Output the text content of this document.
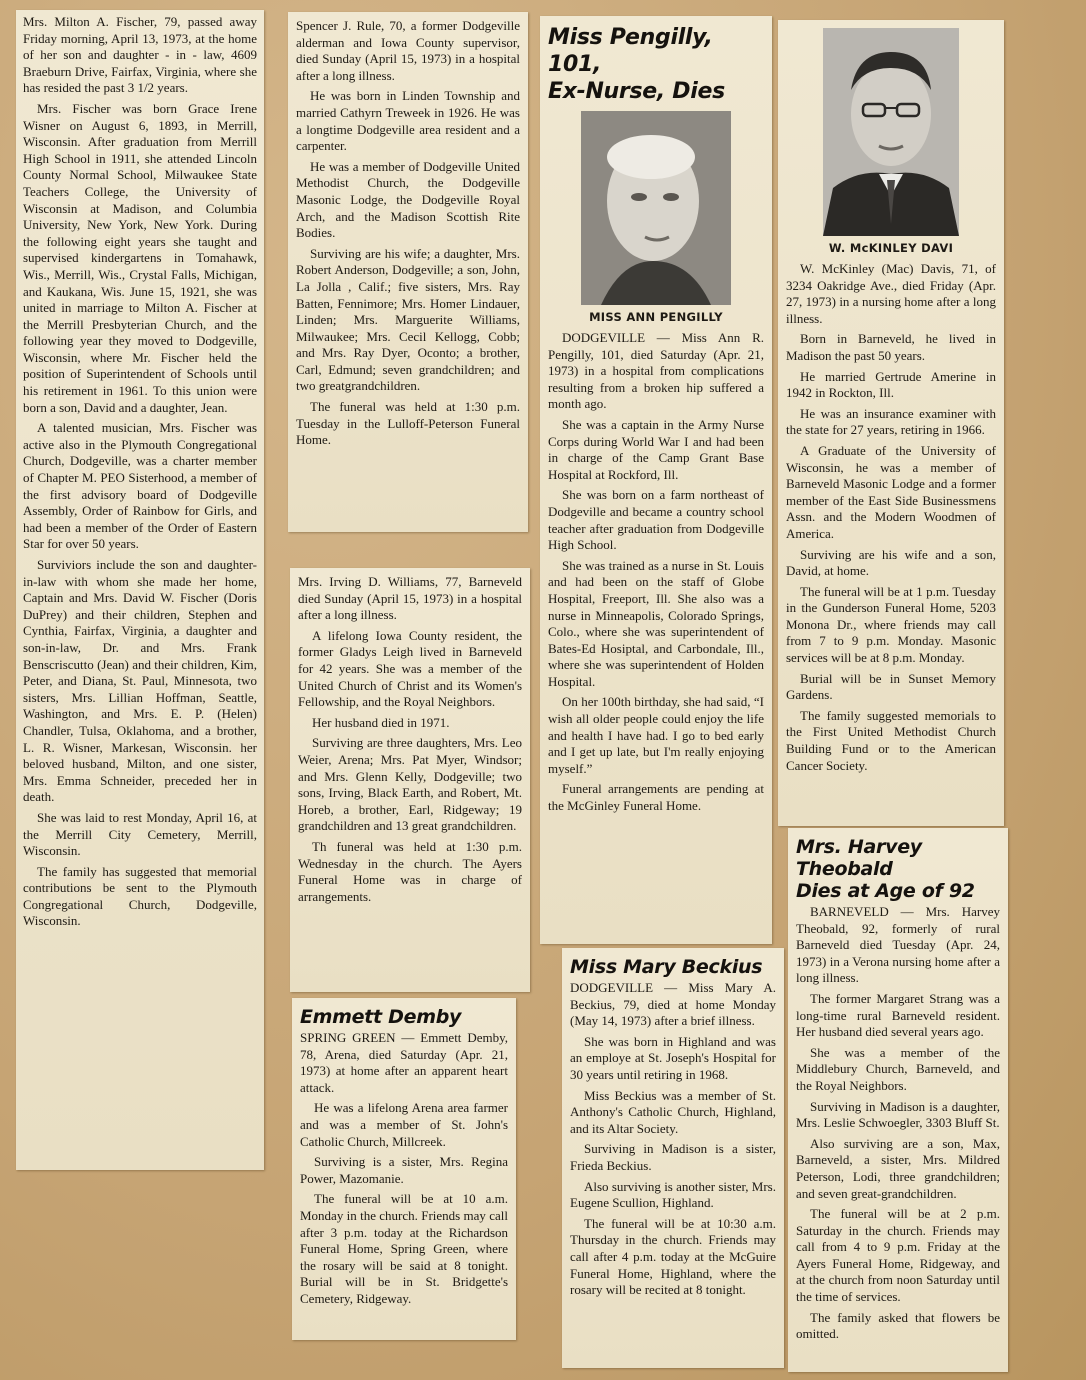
Mrs. Milton A. Fischer, 79, passed away Friday morning, April 13, 1973, at the home of her son and daughter - in - law, 4609 Braeburn Drive, Fairfax, Virginia, where she has resided the past 3 1/2 years.

Mrs. Fischer was born Grace Irene Wisner on August 6, 1893, in Merrill, Wisconsin. After graduation from Merrill High School in 1911, she attended Lincoln County Normal School, Milwaukee State Teachers College, the University of Wisconsin at Madison, and Columbia University, New York, New York. During the following eight years she taught and supervised kindergartens in Tomahawk, Wis., Merrill, Wis., Crystal Falls, Michigan, and Kaukana, Wis. June 15, 1921, she was united in marriage to Milton A. Fischer at the Merrill Presbyterian Church, and the following year they moved to Dodgeville, Wisconsin, where Mr. Fischer held the position of Superintendent of Schools until his retirement in 1961. To this union were born a son, David and a daughter, Jean.

A talented musician, Mrs. Fischer was active also in the Plymouth Congregational Church, Dodgeville, was a charter member of Chapter M. PEO Sisterhood, a member of the first advisory board of Dodgeville Assembly, Order of Rainbow for Girls, and had been a member of the Order of Eastern Star for over 50 years.

Surviviors include the son and daughter-in-law with whom she made her home, Captain and Mrs. David W. Fischer (Doris DuPrey) and their children, Stephen and Cynthia, Fairfax, Virginia, a daughter and son-in-law, Dr. and Mrs. Frank Benscriscutto (Jean) and their children, Kim, Peter, and Diana, St. Paul, Minnesota, two sisters, Mrs. Lillian Hoffman, Seattle, Washington, and Mrs. E. P. (Helen) Chandler, Tulsa, Oklahoma, and a brother, L. R. Wisner, Markesan, Wisconsin. her beloved husband, Milton, and one sister, Mrs. Emma Schneider, preceded her in death.

She was laid to rest Monday, April 16, at the Merrill City Cemetery, Merrill, Wisconsin.

The family has suggested that memorial contributions be sent to the Plymouth Congregational Church, Dodgeville, Wisconsin.

Spencer J. Rule, 70, a former Dodgeville alderman and Iowa County supervisor, died Sunday (April 15, 1973) in a hospital after a long illness.

He was born in Linden Township and married Cathyrn Treweek in 1926. He was a longtime Dodgeville area resident and a carpenter.

He was a member of Dodgeville United Methodist Church, the Dodgeville Masonic Lodge, the Dodgeville Royal Arch, and the Madison Scottish Rite Bodies.

Surviving are his wife; a daughter, Mrs. Robert Anderson, Dodgeville; a son, John, La Jolla , Calif.; five sisters, Mrs. Ray Batten, Fennimore; Mrs. Homer Lindauer, Linden; Mrs. Marguerite Williams, Milwaukee; Mrs. Cecil Kellogg, Cobb; and Mrs. Ray Dyer, Oconto; a brother, Carl, Edmund; seven grandchildren; and two greatgrandchildren.

The funeral was held at 1:30 p.m. Tuesday in the Lulloff-Peterson Funeral Home.

Mrs. Irving D. Williams, 77, Barneveld died Sunday (April 15, 1973) in a hospital after a long illness.

A lifelong Iowa County resident, the former Gladys Leigh lived in Barneveld for 42 years. She was a member of the United Church of Christ and its Women's Fellowship, and the Royal Neighbors.

Her husband died in 1971.

Surviving are three daughters, Mrs. Leo Weier, Arena; Mrs. Pat Myer, Windsor; and Mrs. Glenn Kelly, Dodgeville; two sons, Irving, Black Earth, and Robert, Mt. Horeb, a brother, Earl, Ridgeway; 19 grandchildren and 13 great grandchildren.

Th funeral was held at 1:30 p.m. Wednesday in the church. The Ayers Funeral Home was in charge of arrangements.

Emmett Demby

SPRING GREEN — Emmett Demby, 78, Arena, died Saturday (Apr. 21, 1973) at home after an apparent heart attack.

He was a lifelong Arena area farmer and was a member of St. John's Catholic Church, Millcreek.

Surviving is a sister, Mrs. Regina Power, Mazomanie.

The funeral will be at 10 a.m. Monday in the church. Friends may call after 3 p.m. today at the Richardson Funeral Home, Spring Green, where the rosary will be said at 8 tonight. Burial will be in St. Bridgette's Cemetery, Ridgeway.

Miss Pengilly, 101,
Ex-Nurse, Dies
MISS ANN PENGILLY

DODGEVILLE — Miss Ann R. Pengilly, 101, died Saturday (Apr. 21, 1973) in a hospital from complications resulting from a broken hip suffered a month ago.

She was a captain in the Army Nurse Corps during World War I and had been in charge of the Camp Grant Base Hospital at Rockford, Ill.

She was born on a farm northeast of Dodgeville and became a country school teacher after graduation from Dodgeville High School.

She was trained as a nurse in St. Louis and had been on the staff of Globe Hospital, Freeport, Ill. She also was a nurse in Minneapolis, Colorado Springs, Colo., where she was superintendent of Bates-Ed Hosiptal, and Carbondale, Ill., where she was superintendent of Holden Hospital.

On her 100th birthday, she had said, “I wish all older people could enjoy the life and health I have had. I go to bed early and I get up late, but I'm really enjoying myself.”

Funeral arrangements are pending at the McGinley Funeral Home.

Miss Mary Beckius

DODGEVILLE — Miss Mary A. Beckius, 79, died at home Monday (May 14, 1973) after a brief illness.

She was born in Highland and was an employe at St. Joseph's Hospital for 30 years until retiring in 1968.

Miss Beckius was a member of St. Anthony's Catholic Church, Highland, and its Altar Society.

Surviving in Madison is a sister, Frieda Beckius.

Also surviving is another sister, Mrs. Eugene Scullion, Highland.

The funeral will be at 10:30 a.m. Thursday in the church. Friends may call after 4 p.m. today at the McGuire Funeral Home, Highland, where the rosary will be recited at 8 tonight.

W. McKINLEY DAVI

W. McKinley (Mac) Davis, 71, of 3234 Oakridge Ave., died Friday (Apr. 27, 1973) in a nursing home after a long illness.

Born in Barneveld, he lived in Madison the past 50 years.

He married Gertrude Amerine in 1942 in Rockton, Ill.

He was an insurance examiner with the state for 27 years, retiring in 1966.

A Graduate of the University of Wisconsin, he was a member of Barneveld Masonic Lodge and a former member of the East Side Businessmens Assn. and the Modern Woodmen of America.

Surviving are his wife and a son, David, at home.

The funeral will be at 1 p.m. Tuesday in the Gunderson Funeral Home, 5203 Monona Dr., where friends may call from 7 to 9 p.m. Monday. Masonic services will be at 8 p.m. Monday.

Burial will be in Sunset Memory Gardens.

The family suggested memorials to the First United Methodist Church Building Fund or to the American Cancer Society.

Mrs. Harvey Theobald
Dies at Age of 92

BARNEVELD — Mrs. Harvey Theobald, 92, formerly of rural Barneveld died Tuesday (Apr. 24, 1973) in a Verona nursing home after a long illness.

The former Margaret Strang was a long-time rural Barneveld resident. Her husband died several years ago.

She was a member of the Middlebury Church, Barneveld, and the Royal Neighbors.

Surviving in Madison is a daughter, Mrs. Leslie Schwoegler, 3303 Bluff St.

Also surviving are a son, Max, Barneveld, a sister, Mrs. Mildred Peterson, Lodi, three grandchildren; and seven great-grandchildren.

The funeral will be at 2 p.m. Saturday in the church. Friends may call from 4 to 9 p.m. Friday at the Ayers Funeral Home, Ridgeway, and at the church from noon Saturday until the time of services.

The family asked that flowers be omitted.
